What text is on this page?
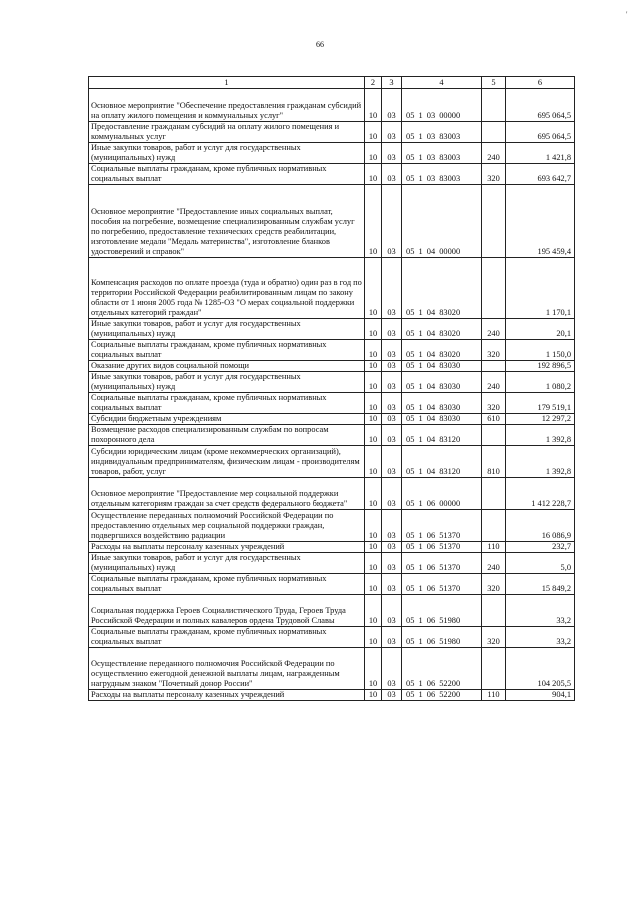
66
'
1	2	3	4	5	6
Основное мероприятие "Обеспечение предоставления гражданам субсидий на оплату жилого помещения и коммунальных услуг"	10	03	05 1 03 00000		695 064,5
Предоставление гражданам субсидий на оплату жилого помещения и коммунальных услуг	10	03	05 1 03 83003		695 064,5
Иные закупки товаров, работ и услуг для государственных (муниципальных) нужд	10	03	05 1 03 83003	240	1 421,8
Социальные выплаты гражданам, кроме публичных нормативных социальных выплат	10	03	05 1 03 83003	320	693 642,7
Основное мероприятие "Предоставление иных социальных выплат, пособия на погребение, возмещение специализированным службам услуг по погребению, предоставление технических средств реабилитации, изготовление медали "Медаль материнства", изготовление бланков удостоверений и справок"	10	03	05 1 04 00000		195 459,4
Компенсация расходов по оплате проезда (туда и обратно) один раз в год по территории Российской Федерации реабилитированным лицам по закону области от 1 июня 2005 года № 1285-ОЗ "О мерах социальной поддержки отдельных категорий граждан"	10	03	05 1 04 83020		1 170,1
Иные закупки товаров, работ и услуг для государственных (муниципальных) нужд	10	03	05 1 04 83020	240	20,1
Социальные выплаты гражданам, кроме публичных нормативных социальных выплат	10	03	05 1 04 83020	320	1 150,0
Оказание других видов социальной помощи	10	03	05 1 04 83030		192 896,5
Иные закупки товаров, работ и услуг для государственных (муниципальных) нужд	10	03	05 1 04 83030	240	1 080,2
Социальные выплаты гражданам, кроме публичных нормативных социальных выплат	10	03	05 1 04 83030	320	179 519,1
Субсидии бюджетным учреждениям	10	03	05 1 04 83030	610	12 297,2
Возмещение расходов специализированным службам по вопросам похоронного дела	10	03	05 1 04 83120		1 392,8
Субсидии юридическим лицам (кроме некоммерческих организаций), индивидуальным предпринимателям, физическим лицам - производителям товаров, работ, услуг	10	03	05 1 04 83120	810	1 392,8
Основное мероприятие "Предоставление мер социальной поддержки отдельным категориям граждан за счет средств федерального бюджета"	10	03	05 1 06 00000		1 412 228,7
Осуществление переданных полномочий Российской Федерации по предоставлению отдельных мер социальной поддержки граждан, подвергшихся воздействию радиации	10	03	05 1 06 51370		16 086,9
Расходы на выплаты персоналу казенных учреждений	10	03	05 1 06 51370	110	232,7
Иные закупки товаров, работ и услуг для государственных (муниципальных) нужд	10	03	05 1 06 51370	240	5,0
Социальные выплаты гражданам, кроме публичных нормативных социальных выплат	10	03	05 1 06 51370	320	15 849,2
Социальная поддержка Героев Социалистического Труда, Героев Труда Российской Федерации и полных кавалеров ордена Трудовой Славы	10	03	05 1 06 51980		33,2
Социальные выплаты гражданам, кроме публичных нормативных социальных выплат	10	03	05 1 06 51980	320	33,2
Осуществление переданного полномочия Российской Федерации по осуществлению ежегодной денежной выплаты лицам, награжденным нагрудным знаком "Почетный донор России"	10	03	05 1 06 52200		104 205,5
Расходы на выплаты персоналу казенных учреждений	10	03	05 1 06 52200	110	904,1
